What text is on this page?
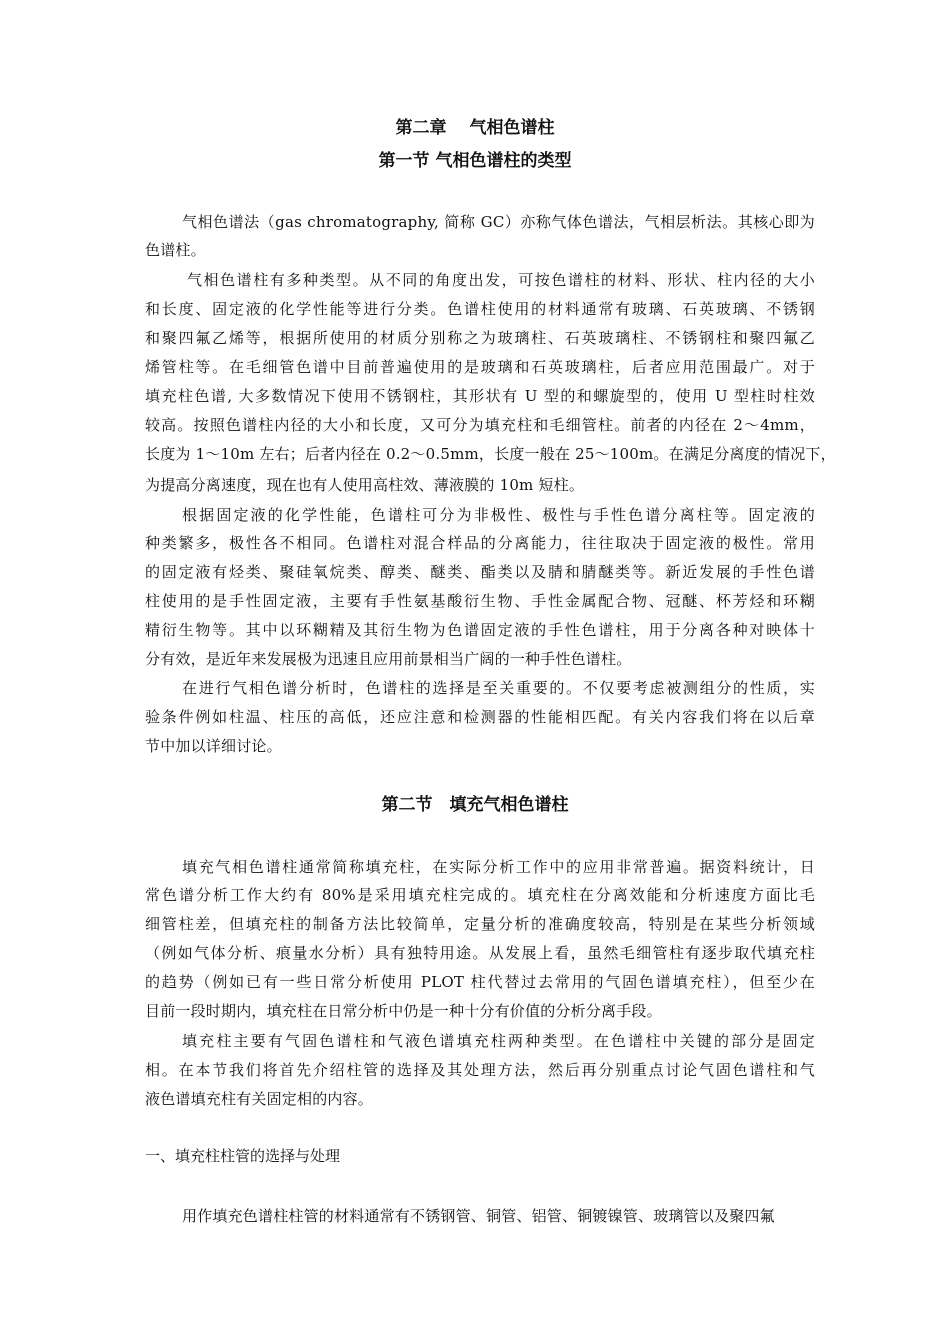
第二章　 气相色谱柱
第一节 气相色谱柱的类型
气相色谱法（gas chromatography, 简称 GC）亦称气体色谱法，气相层析法。其核心即为
色谱柱。
气相色谱柱有多种类型。从不同的角度出发，可按色谱柱的材料、形状、柱内径的大小
和长度、固定液的化学性能等进行分类。色谱柱使用的材料通常有玻璃、石英玻璃、不锈钢
和聚四氟乙烯等，根据所使用的材质分别称之为玻璃柱、石英玻璃柱、不锈钢柱和聚四氟乙
烯管柱等。在毛细管色谱中目前普遍使用的是玻璃和石英玻璃柱，后者应用范围最广。对于
填充柱色谱, 大多数情况下使用不锈钢柱，其形状有 U 型的和螺旋型的，使用 U 型柱时柱效
较高。按照色谱柱内径的大小和长度，又可分为填充柱和毛细管柱。前者的内径在 2～4mm，
长度为 1～10m 左右；后者内径在 0.2～0.5mm，长度一般在 25～100m。在满足分离度的情况下，
为提高分离速度，现在也有人使用高柱效、薄液膜的 10m 短柱。
根据固定液的化学性能，色谱柱可分为非极性、极性与手性色谱分离柱等。固定液的
种类繁多，极性各不相同。色谱柱对混合样品的分离能力，往往取决于固定液的极性。常用
的固定液有烃类、聚硅氧烷类、醇类、醚类、酯类以及腈和腈醚类等。新近发展的手性色谱
柱使用的是手性固定液，主要有手性氨基酸衍生物、手性金属配合物、冠醚、杯芳烃和环糊
精衍生物等。其中以环糊精及其衍生物为色谱固定液的手性色谱柱，用于分离各种对映体十
分有效，是近年来发展极为迅速且应用前景相当广阔的一种手性色谱柱。
在进行气相色谱分析时，色谱柱的选择是至关重要的。不仅要考虑被测组分的性质，实
验条件例如柱温、柱压的高低，还应注意和检测器的性能相匹配。有关内容我们将在以后章
节中加以详细讨论。
第二节　填充气相色谱柱
填充气相色谱柱通常简称填充柱，在实际分析工作中的应用非常普遍。据资料统计，日
常色谱分析工作大约有 80%是采用填充柱完成的。填充柱在分离效能和分析速度方面比毛
细管柱差，但填充柱的制备方法比较简单，定量分析的准确度较高，特别是在某些分析领域
（例如气体分析、痕量水分析）具有独特用途。从发展上看，虽然毛细管柱有逐步取代填充柱
的趋势（例如已有一些日常分析使用 PLOT 柱代替过去常用的气固色谱填充柱），但至少在
目前一段时期内，填充柱在日常分析中仍是一种十分有价值的分析分离手段。
填充柱主要有气固色谱柱和气液色谱填充柱两种类型。在色谱柱中关键的部分是固定
相。在本节我们将首先介绍柱管的选择及其处理方法，然后再分别重点讨论气固色谱柱和气
液色谱填充柱有关固定相的内容。
一、填充柱柱管的选择与处理
用作填充色谱柱柱管的材料通常有不锈钢管、铜管、铝管、铜镀镍管、玻璃管以及聚四氟
